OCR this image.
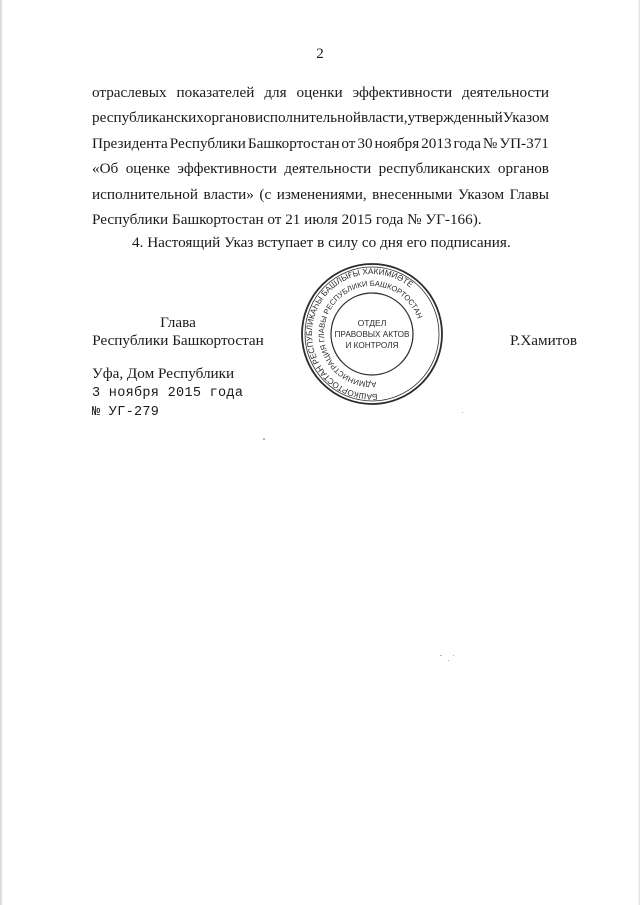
2
отраслевых показателей для оценки эффективности деятельности
республиканских органов исполнительной власти, утвержденный Указом
Президента Республики Башкортостан от 30 ноября 2013 года № УП-371
«Об оценке эффективности деятельности республиканских органов
исполнительной власти» (с изменениями, внесенными Указом Главы
Республики Башкортостан от 21 июля 2015 года № УГ-166).
4. Настоящий Указ вступает в силу со дня его подписания.
Глава
Республики Башкортостан
БАШКОРТОСТАН РЕСПУБЛИКАҺЫ БАШЛЫҒЫ ХАКИМИӘТЕ
АДМИНИСТРАЦИЯ ГЛАВЫ РЕСПУБЛИКИ БАШКОРТОСТАН
ОТДЕЛ
ПРАВОВЫХ АКТОВ
И КОНТРОЛЯ	Р.Хамитов
Уфа, Дом Республики
3 ноября 2015 года
№ УГ-279
